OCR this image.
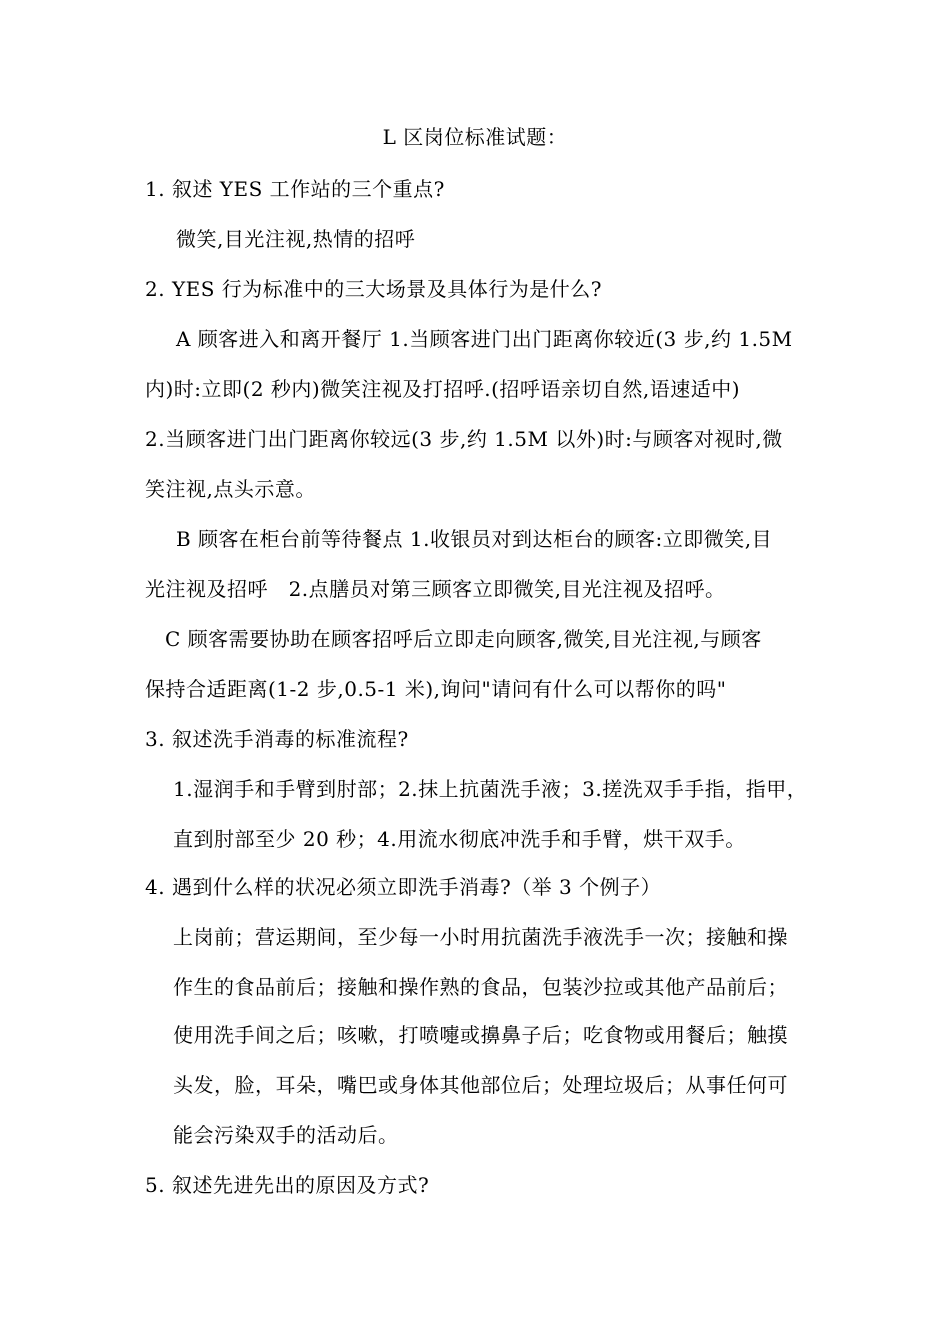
L 区岗位标准试题：
1. 叙述 YES 工作站的三个重点?
微笑,目光注视,热情的招呼
2. YES 行为标准中的三大场景及具体行为是什么?
A 顾客进入和离开餐厅 1.当顾客进门出门距离你较近(3 步,约 1.5M
内)时:立即(2 秒内)微笑注视及打招呼.(招呼语亲切自然,语速适中)
2.当顾客进门出门距离你较远(3 步,约 1.5M 以外)时:与顾客对视时,微
笑注视,点头示意。
B 顾客在柜台前等待餐点 1.收银员对到达柜台的顾客:立即微笑,目
光注视及招呼   2.点膳员对第三顾客立即微笑,目光注视及招呼。
C 顾客需要协助在顾客招呼后立即走向顾客,微笑,目光注视,与顾客
保持合适距离(1-2 步,0.5-1 米),询问"请问有什么可以帮你的吗"
3. 叙述洗手消毒的标准流程?
1.湿润手和手臂到肘部；2.抹上抗菌洗手液；3.搓洗双手手指，指甲，
直到肘部至少 20 秒；4.用流水彻底冲洗手和手臂，烘干双手。
4. 遇到什么样的状况必须立即洗手消毒?（举 3 个例子）
上岗前；营运期间，至少每一小时用抗菌洗手液洗手一次；接触和操
作生的食品前后；接触和操作熟的食品，包装沙拉或其他产品前后；
使用洗手间之后；咳嗽，打喷嚏或擤鼻子后；吃食物或用餐后；触摸
头发，脸，耳朵，嘴巴或身体其他部位后；处理垃圾后；从事任何可
能会污染双手的活动后。
5. 叙述先进先出的原因及方式?
